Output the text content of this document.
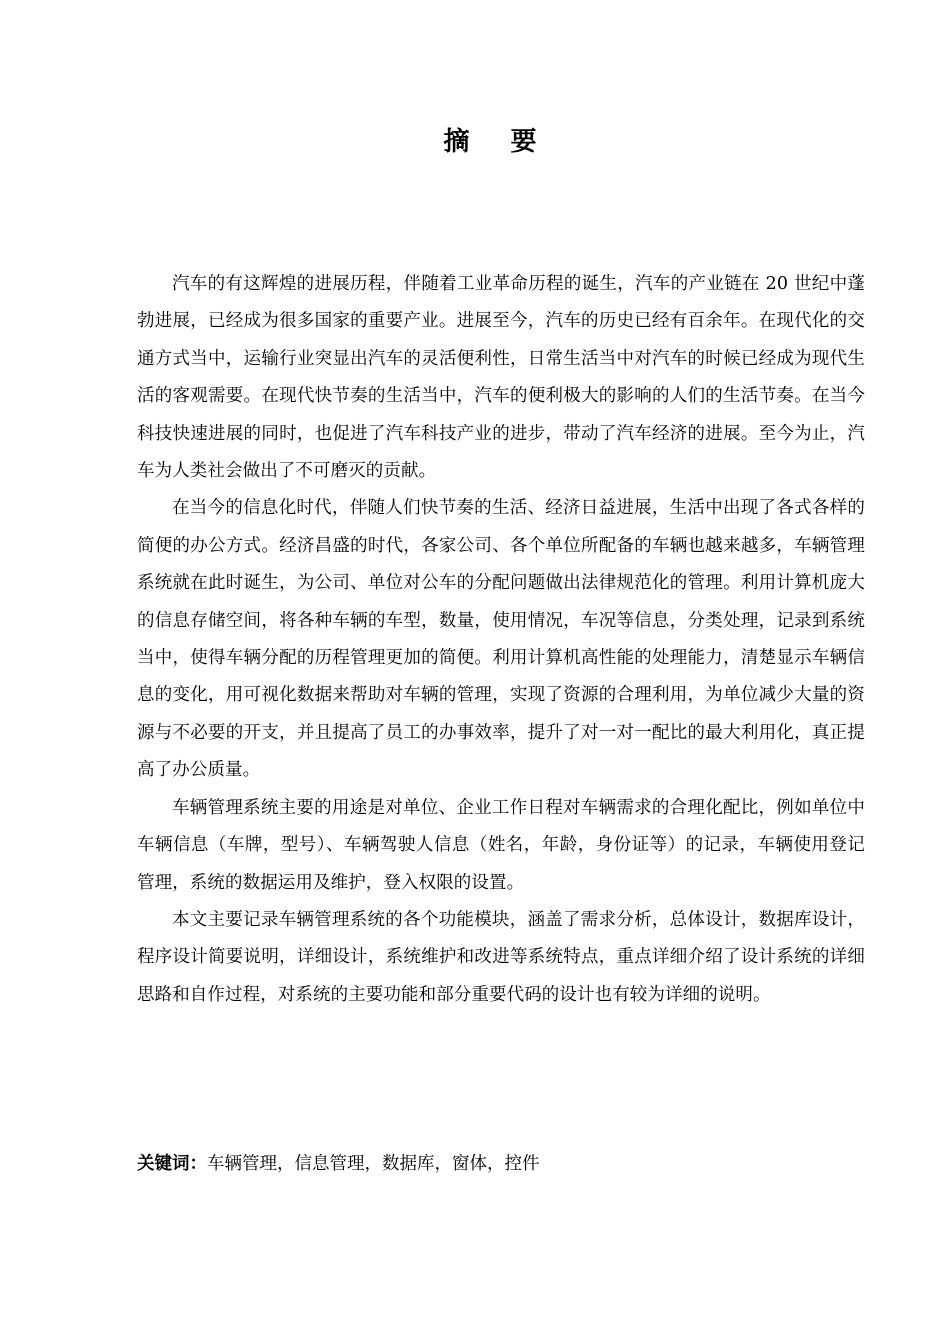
摘 要

汽车的有这辉煌的进展历程，伴随着工业革命历程的诞生，汽车的产业链在 20 世纪中蓬勃进展，已经成为很多国家的重要产业。进展至今，汽车的历史已经有百余年。在现代化的交通方式当中，运输行业突显出汽车的灵活便利性，日常生活当中对汽车的时候已经成为现代生活的客观需要。在现代快节奏的生活当中，汽车的便利极大的影响的人们的生活节奏。在当今科技快速进展的同时，也促进了汽车科技产业的进步，带动了汽车经济的进展。至今为止，汽车为人类社会做出了不可磨灭的贡献。

在当今的信息化时代，伴随人们快节奏的生活、经济日益进展，生活中出现了各式各样的简便的办公方式。经济昌盛的时代，各家公司、各个单位所配备的车辆也越来越多，车辆管理系统就在此时诞生，为公司、单位对公车的分配问题做出法律规范化的管理。利用计算机庞大的信息存储空间，将各种车辆的车型，数量，使用情况，车况等信息，分类处理，记录到系统当中，使得车辆分配的历程管理更加的简便。利用计算机高性能的处理能力，清楚显示车辆信息的变化，用可视化数据来帮助对车辆的管理，实现了资源的合理利用，为单位减少大量的资源与不必要的开支，并且提高了员工的办事效率，提升了对一对一配比的最大利用化，真正提高了办公质量。

车辆管理系统主要的用途是对单位、企业工作日程对车辆需求的合理化配比，例如单位中车辆信息（车牌，型号）、车辆驾驶人信息（姓名，年龄，身份证等）的记录，车辆使用登记管理，系统的数据运用及维护，登入权限的设置。

本文主要记录车辆管理系统的各个功能模块，涵盖了需求分析，总体设计，数据库设计，程序设计简要说明，详细设计，系统维护和改进等系统特点，重点详细介绍了设计系统的详细思路和自作过程，对系统的主要功能和部分重要代码的设计也有较为详细的说明。

关键词：车辆管理，信息管理，数据库，窗体，控件
